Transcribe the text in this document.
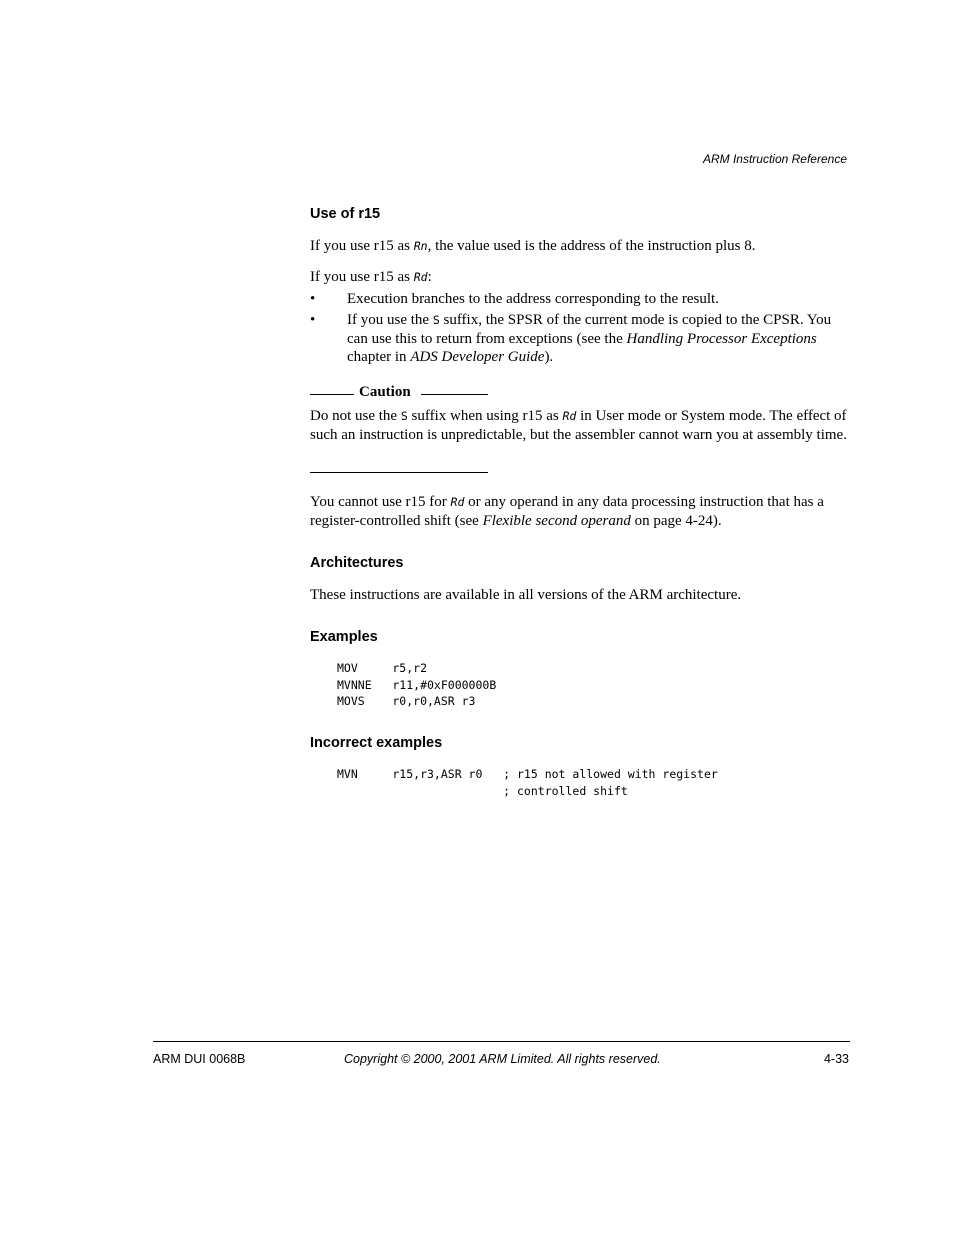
ARM Instruction Reference
Use of r15

If you use r15 as Rn, the value used is the address of the instruction plus 8.

If you use r15 as Rd:

• Execution branches to the address corresponding to the result.
• If you use the S suffix, the SPSR of the current mode is copied to the CPSR. You can use this to return from exceptions (see the Handling Processor Exceptions chapter in ADS Developer Guide).
Caution

Do not use the S suffix when using r15 as Rd in User mode or System mode. The effect of such an instruction is unpredictable, but the assembler cannot warn you at assembly time.

You cannot use r15 for Rd or any operand in any data processing instruction that has a register-controlled shift (see Flexible second operand on page 4-24).

Architectures

These instructions are available in all versions of the ARM architecture.

Examples
MOV     r5,r2
MVNNE   r11,#0xF000000B
MOVS    r0,r0,ASR r3
Incorrect examples
MVN     r15,r3,ASR r0   ; r15 not allowed with register
; controlled shift
ARM DUI 0068B	Copyright © 2000, 2001 ARM Limited. All rights reserved.	4-33
